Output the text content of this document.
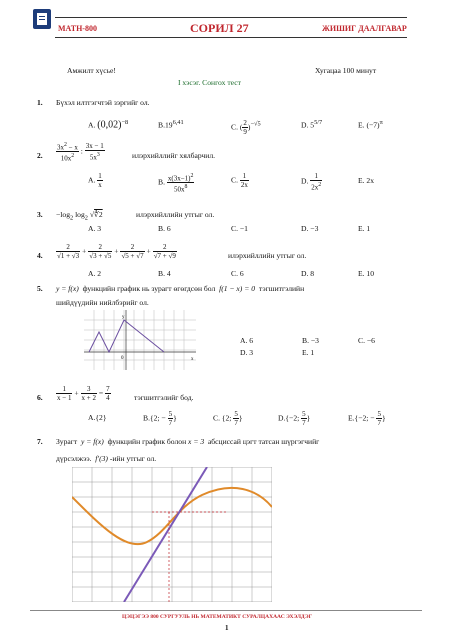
MATH-800	СОРИЛ 27	ЖИШИГ ДААЛГАВАР
Амжилт хүсье!	Хугацаа 100 минут
I хэсэг. Сонгох тест
1. Бүхэл илтгэгчтэй зэргийг ол.
A. $(0,02)^{-8}$	B.19$^{6,41}$	C. ( $\frac{2}{9} )^{-√5}$	D. $5^{5/7}$	E. $(-7)^\pi$
2. $\frac{3x^2 - x}{10x^2}$ : $\frac{3x - 1}{5x^3}$	илэрхийллийг хялбарчил.
A. $\frac{1}{x}$	B. $\frac{x(3x-1)^2}{50x^8}$	C. $\frac{1}{2x}$	D. $\frac{1}{2x^2}$	E. 2x
3. $-\log_2$ $\log_2$ √∜2	илэрхийллийн утгыг ол.
A. 3	B. 6	C. −1	D. −3	E. 1
4. $\frac{2}{√1 + √3} + \frac{2}{√3 + √5} + \frac{2}{√5 + √7} + \frac{2}{√7 + √9}$	илэрхийллийн утгыг ол.
A. 2	B. 4	C. 6	D. 8	E. 10
5. y = f(x) функцийн график нь зурагт өгөгдсөн бол f(1 − x) = 0 тэгшитгэлийн
шийдүүдийн нийлбэрийг ол.
y
x
0
A. 6	B. −3	C. −6
D. 3	E. 1
6. $\frac{1}{x - 1} + \frac{3}{x + 2} = \frac{7}{4}$	тэгшитгэлийг бод.
A.{2}	B.{2; − $\frac{5}{7}$ }	C. {2; $\frac{5}{7}$ }	D.{−2; $\frac{5}{7}$ }	E.{−2; − $\frac{5}{7}$ }
7. Зурагт y = f(x) функцийн график болон x = 3 абсциссай цэгт татсан шүргэгчийг
дүрсэлжээ. f′(3) -ийн утгыг ол.
ЦЭЦЭГЭЭ 800 СУРГУУЛЬ НЬ МАТЕМАТИКТ СУРАЛЦАХААС ЭХЭЛДЭГ
1
